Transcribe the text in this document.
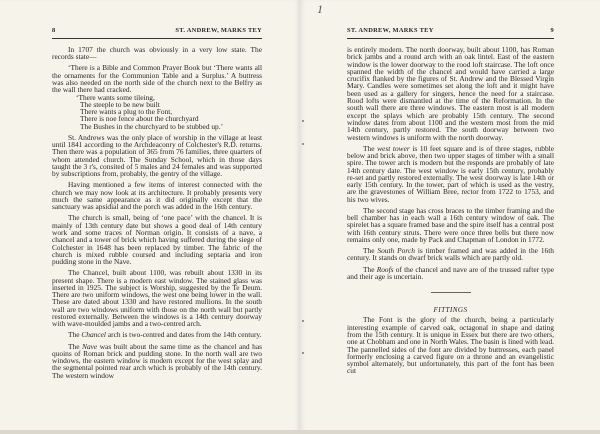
8	ST. ANDREW, MARKS TEY

In 1707 the church was obviously in a very low state. The records state—

‘There is a Bible and Common Prayer Book but ‘There wants all the ornaments for the Communion Table and a Surplus.’ A buttress was also needed on the north side of the church next to the Belfry as the wall there had cracked.

‘There wants some tileing,
The steeple to be new built
There wants a plug to the Font,
There is noe fence about the churchyard
The Bushes in the churchyard to be stubbed up.’

St. Andrews was the only place of worship in the village at least until 1841 according to the Archdeaconry of Colchester's R.D. returns. Then there was a population of 365 from 76 families, three quarters of whom attended church. The Sunday School, which in those days taught the 3 r's, consited of 5 males and 24 females and was supported by subscriptions from, probably, the gentry of the village.

Having mentioned a few items of interest connected with the church we may now look at its architecture. It probably presents very much the same appearance as it did originally except that the sanctuary was apsidial and the porch was added in the 16th century.

The church is small, being of ‘one pace’ with the chancel. It is mainly of 13th century date but shows a good deal of 14th century work and some traces of Norman origin. It consists of a nave, a chancel and a tower of brick which having suffered during the siege of Colchester in 1648 has been replaced by timber. The fabric of the church is mixed rubble coursed and including septaria and iron pudding stone in the Nave.

The Chancel, built about 1100, was rebuilt about 1330 in its present shape. There is a modern east window. The stained glass was inserted in 1925. The subject is Worship, suggested by the Te Deum. There are two uniform windows, the west one being lower in the wall. These are dated about 1330 and have restored mullions. In the south wall are two windows uniform with those on the north wall but partly restored externally. Between the windows is a 14th century doorway with wave-moulded jambs and a two-centred arch.

The Chancel arch is two-centred and dates from the 14th century.

The Nave was built about the same time as the chancel and has quoins of Roman brick and pudding stone. In the north wall are two windows, the eastern window is modern except for the west splay and the segmental pointed rear arch which is probably of the 14th century. The western window

1
ST. ANDREW, MARKS TEY	9

is entirely modern. The north doorway, built about 1100, has Roman brick jambs and a round arch with an oak lintel. East of the eastern window is the lower doorway to the rood loft staircase. The loft once spanned the width of the chancel and would have carried a large crucifix flanked by the figures of St. Andrew and the Blessed Virgin Mary. Candles were sometimes set along the loft and it might have been used as a gallery for singers, hence the need for a staircase. Rood lofts were dismantled at the time of the Reformation. In the south wall there are three windows. The eastern most is all modern except the splays which are probably 15th century. The second window dates from about 1100 and the western most from the mid 14th century, partly restored. The south doorway between two western windows is uniform with the north doorway.

The west tower is 10 feet square and is of three stages, rubble below and brick above, then two upper stages of timber with a small spire. The tower arch is modern but the responds are probably of late 14th century date. The west window is early 15th century, probably re-set and partly restored externally. The west doorway is late 14th or early 15th century. In the tower, part of which is used as the vestry, are the gravestones of William Bree, rector from 1722 to 1753, and his two wives.

The second stage has cross braces to the timber framing and the bell chamber has in each wall a 16th century window of oak. The spirelet has a square framed base and the spire itself has a central post with 16th century struts. There were once three bells but there now remains only one, made by Pack and Chapman of London in 1772.

The South Porch is timber framed and was added in the 16th century. It stands on dwarf brick walls which are partly old.

The Roofs of the chancel and nave are of the trussed rafter type and their age is uncertain.

FITTINGS

The Font is the glory of the church, being a particularly interesting example of carved oak, octagonal in shape and dating from the 15th century. It is unique in Essex but there are two others, one at Chobham and one in North Wales. The basin is lined with lead. The pannelled sides of the font are divided by buttresses, each panel formerly enclosing a carved figure on a throne and an evangelistic symbol alternately, but unfortunately, this part of the font has been cut
